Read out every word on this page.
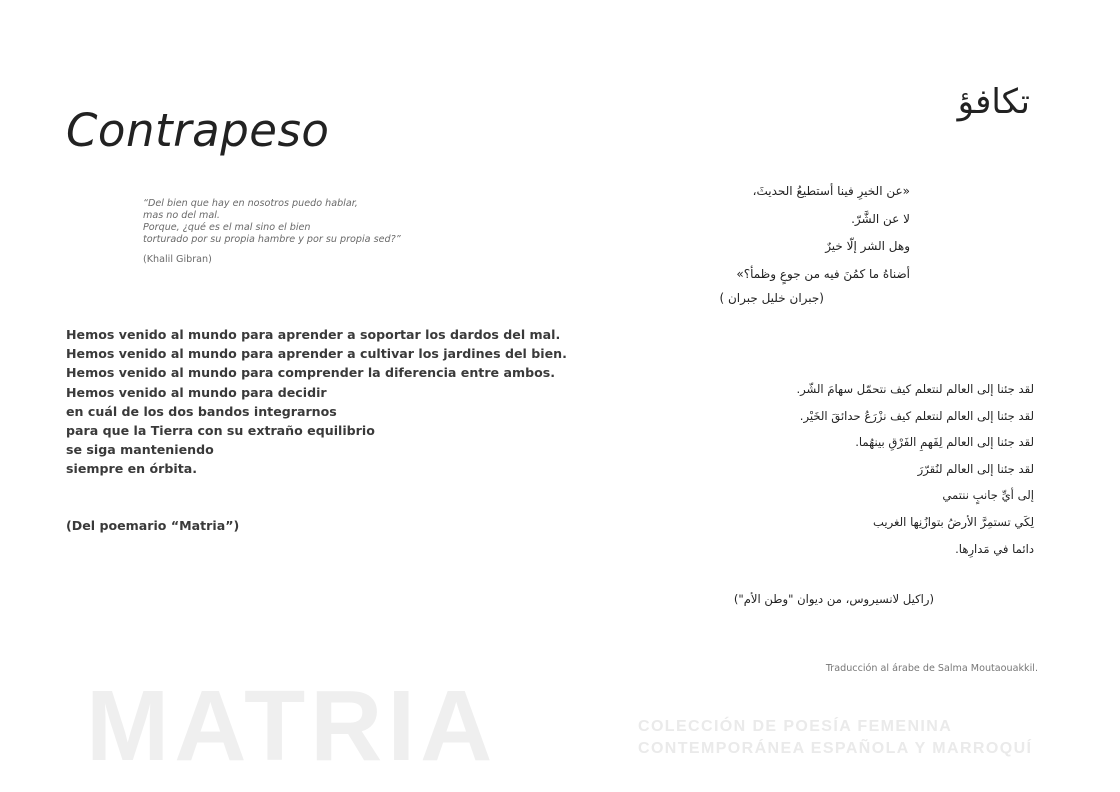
Contrapeso
“Del bien que hay en nosotros puedo hablar,
mas no del mal.
Porque, ¿qué es el mal sino el bien
torturado por su propia hambre y por su propia sed?”
(Khalil Gibran)
Hemos venido al mundo para aprender a soportar los dardos del mal.
Hemos venido al mundo para aprender a cultivar los jardines del bien.
Hemos venido al mundo para comprender la diferencia entre ambos.
Hemos venido al mundo para decidir
en cuál de los dos bandos integrarnos
para que la Tierra con su extraño equilibrio
se siga manteniendo
siempre en órbita.
(Del poemario “Matria”)
تكافؤ
«عن الخيرِ فينا أستطيعُ الحديثَ،
لا عن الشَّرّ.
وهل الشر إلّا خيرٌ
أضناهُ ما كمُنَ فيه من جوعٍ وظمأ؟»
(جبران خليل جبران )
لقد جئنا إلى العالم لنتعلم كيف نتحمّل سهامَ الشّر.
لقد جئنا إلى العالم لنتعلم كيف نزْرَعُ حدائقَ الخَيْر.
لقد جئنا إلى العالم لِفَهمِ الفَرْقِ بينهُما.
لقد جئنا إلى العالم لنُقرّرَ
إلى أيِّ جانبٍ ننتمي
لِكَي تستمِرَّ الأرضُ بتوازُنِها الغريب
دائما في مَدارِها.
(راكيل لانسيروس، من ديوان "وطن الأم")
Traducción al árabe de Salma Moutaouakkil.
MATRIA	COLECCIÓN DE POESÍA FEMENINA
CONTEMPORÁNEA ESPAÑOLA Y MARROQUÍ
